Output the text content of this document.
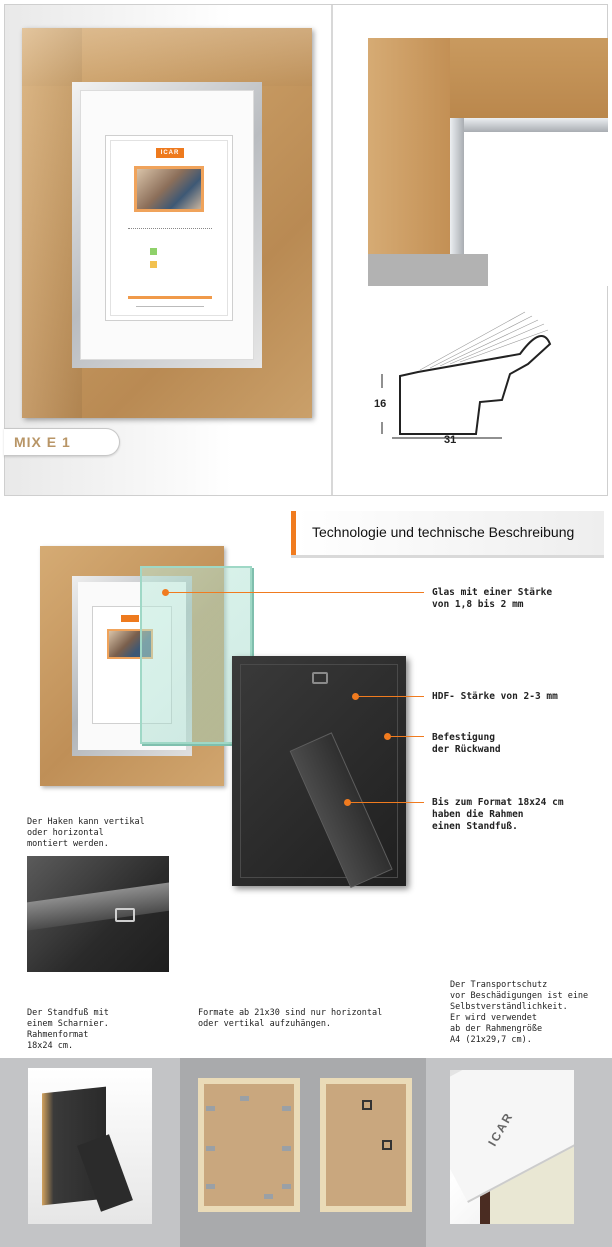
ICAR
MIX E 1
16
31
Technologie und technische Beschreibung
Glas mit einer Stärke
von 1,8 bis 2 mm
HDF- Stärke von 2-3 mm
Befestigung
der Rückwand
Bis zum Format 18x24 cm
haben die Rahmen
einen Standfuß.
Der Haken kann vertikal
oder horizontal
montiert werden.
Der Standfuß mit
einem Scharnier.
Rahmenformat
18x24 cm.
Formate ab 21x30 sind nur horizontal
oder vertikal aufzuhängen.
Der Transportschutz
vor Beschädigungen ist eine
Selbstverständlichkeit.
Er wird verwendet
ab der Rahmengröße
A4 (21x29,7 cm).
ICAR
